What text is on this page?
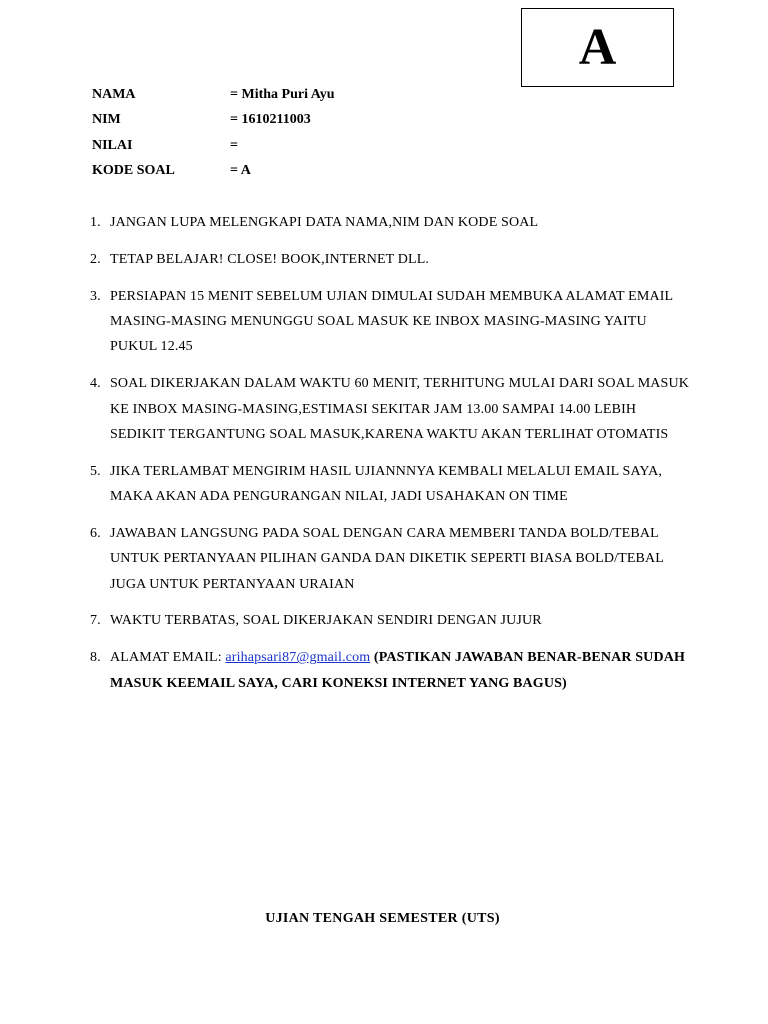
A
NAMA	= Mitha Puri Ayu
NIM	= 1610211003
NILAI	=
KODE SOAL	= A
1. JANGAN LUPA MELENGKAPI DATA NAMA,NIM DAN KODE SOAL
2. TETAP BELAJAR! CLOSE! BOOK,INTERNET DLL.
3. PERSIAPAN 15 MENIT SEBELUM UJIAN DIMULAI SUDAH MEMBUKA ALAMAT EMAIL MASING-MASING MENUNGGU SOAL MASUK KE INBOX MASING-MASING YAITU PUKUL 12.45
4. SOAL DIKERJAKAN DALAM WAKTU 60 MENIT, TERHITUNG MULAI DARI SOAL MASUK KE INBOX MASING-MASING,ESTIMASI SEKITAR JAM 13.00 SAMPAI 14.00 LEBIH SEDIKIT TERGANTUNG SOAL MASUK,KARENA WAKTU AKAN TERLIHAT OTOMATIS
5. JIKA TERLAMBAT MENGIRIM HASIL UJIANNNYA KEMBALI MELALUI EMAIL SAYA, MAKA AKAN ADA PENGURANGAN NILAI, JADI USAHAKAN ON TIME
6. JAWABAN LANGSUNG PADA SOAL DENGAN CARA MEMBERI TANDA BOLD/TEBAL UNTUK PERTANYAAN PILIHAN GANDA DAN DIKETIK SEPERTI BIASA BOLD/TEBAL JUGA UNTUK PERTANYAAN URAIAN
7. WAKTU TERBATAS, SOAL DIKERJAKAN SENDIRI DENGAN JUJUR
8. ALAMAT EMAIL: arihapsari87@gmail.com (PASTIKAN JAWABAN BENAR-BENAR SUDAH MASUK KEEMAIL SAYA, CARI KONEKSI INTERNET YANG BAGUS)
UJIAN TENGAH SEMESTER (UTS)
